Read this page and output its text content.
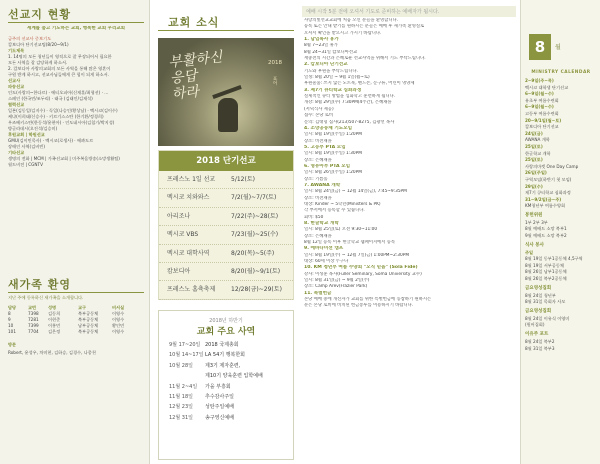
선교지 현황
세계를 품고 기도하는 교회, 행복한 교회 우리교회
금주의 선교사 중보기도
캄보디아 단기선교팀(8/20~9/1)
기도제목
1. 14명의 모든 청년들이 영적으로 잘 무장되어서 필요한
모든 사역을 잘 감당하게 하소서.
2. 캄보디아 사랑의교회의 모든 사역을 통해 많은 영혼이
구원 받게 하시고, 선교사님들에게 큰 힘이 되게 하소서.
선교사
파송선교
인도(사랑의~한다르) · 에티오피아(신재훈/최형선) · ...
스페인 (한국민/조두리) · 태국 (김태인/김재석)
협력선교
일본(김동일/김지수) · 독일(나승인/황상남) · 멕시코(김이수)
케냐(이희태/신승수) · 키르기스스탄 (한기환/정경희)
우즈베키스탄(한동석/윤현아) · 인도네시아(김철기/박지성)
방글라데시(오진석/김승미)
후원교회 | 학원선교
GMU(김이민목사) · 멕시코(로생사) · 에콰도르
장애인 사역(김비빈)
기타선교
생명의 전화 | MCM | 가족선교회 | 미주복음방송(소망생활팀)
월드비전 | CGNTV
새가족 환영
지난 주에 등록하신 새가족을 소개합니다.
담당	교번	성명	교구	비서실
8	7398	김동희	북부공동체	이영수
9	7281	이현준	북부공동체	이영수
10	7399	이홍민	남부공동체	황인민
101	7704	김은정	북부공동체	이영수
방문
Robert, 윤성우, 차미현, 김하승, 김경수, 나종천
교회 소식
부활하신
응답
하라
2018
표어
2018 단기선교
프레스노 1일 선교	5/12(토)
멕시코 치와와스	7/2(월)~7/7(토)
아리조나	7/22(주)~28(토)
멕시코 VBS	7/23(월)~25(수)
멕시코 대학사역	8/20(목)~5(주)
캄보디아	8/20(월)~9/1(토)
프레스노 홈츅축제	12/28(금)~29(토)
2018년 하반기
교회 주요 사역
9월 17~20일 2018 국제총회
10월 14~17일 LA 54기 행복한회
10월 28일	제3기 제자훈련,
제10기 양육훈련 입학예배
11월 2~4일	가을 부흥회
11월 18일	추수감사주일
12월 23일	성탄주일예배
12월 31일	송구영신예배
예배 시작 5분 전에 오셔서 기도로 준비하는 예배자가 됩시다.
사랑의빛선교교회에 처음 오신 분들을 환영합니다.
등록 또는 안내 받기를 원하시는 분들은 예배 후 새가족 환영실로
오셔서 확인을 받으시고 가시기 바랍니다.
1. 담임목사 휴가
8월 7~23일 휴가
8월 24~31일 캄보디아선교
재충전의 시간과 은혜로운 선교사역을 위해서 기도 부탁드립니다.
2. 캄보디아 단기선교
기도와 후원을 부탁드립니다.
일정: 8월 20일 ~ 9월 1일(월~토)
후원물품: 쓰지 않는 노트북, 핸드폰, 문구류, 어린이 영양제
3. 제7기 큐티학교 심화과정
실제적인 큐티 방법을 심화학고 훈련하게 됩니다.
개강: 8월 29일(수) 7:30PM(4주간), 은혜채플
(저녁식사 제공)
접수: 본당 로비
문의: 김대형 집사(213)507-8275, 김광선 목사
4. 소망공동체 기도모임
일시: 8월 19일(주일) 1:20PM
장소: 비전채플
5. 고등부 PTA 모임
일시: 8월 19일(주일) 1:30PM
장소: 은혜채플
6. 영유아부 PTA 모임
일시: 8월 26일(주일) 1:20PM
장소: 기쁨홀
7. AWANA 개학
일시: 8월 24일(금) ~ 12월 14일(금), 7:45~9:35PM
장소: 비전채플
대상: Kinder ~ 5학년(Ministers & PK)
각 부서에서 등록할 수 있습니다.
회비: $50
8. 한글학교 개학
일시: 8월 25일(토) 오전 9:30~11:00
장소: 은혜채플
8월 12일 등록 이후 한글학교 웹페이지에서 등록
9. 에바다미션 캠프
일시: 8월 19일(주) ~ 12월 7일(금) 1:00PM~2:30PM
대상: 60세 이상 누구나
10. KM 청년부 여름 수양회 "오직 믿음" (Sola Fide)
강사: 이성훈 목사(Fuller Seminary, Soma University 교수)
일시: 8월 31일(금) ~ 9월 2일(주)
장소: Camp Arev(Frazier Park)
11. 특별헌금
본당 예배 중에 개신자가 교회를 위한 특별헌금에 동참하기 원하시는
분은 본당 로비에 비치된 헌금봉투를 이용하시기 바랍니다.
8	월
MINISTRY CALENDAR
2~9일(주~목)
멕시코 대학생 단기선교
6~9일(월~수)
유초부 여름수련회
6~9일(월~수)
고등부 여름수련회
20~9/1일(월~토)
캄보디아 단기선교
24일(금)
AWANA 개학
25일(토)
한글학교 개학
25일(토)
사랑의마켓 One Day Camp
26일(주일)
구역모임(하반기 첫 모임)
29일(수)
제7기 큐티학교 심화과정
31~9/2일(금~주)
KM청년부 여름수양회
봉헌위원
1부 2부 3부
8월 예배드 소망 북부1
9월 예배드 소망 북부2
식사 봉사
주일
8월 19일 동부1공동체 4,5구역
8월 19일 서부공동체
8월 26일 남부1공동체
8월 26일 북부2공동체
금요영성집회
8월 24일 청년부
8월 31일 목회자 사모
금요영성집회
8월 24일 이유식 이영미
(원어집회)
이유주 포트
8월 24일 북부2
8월 31일 북부3
